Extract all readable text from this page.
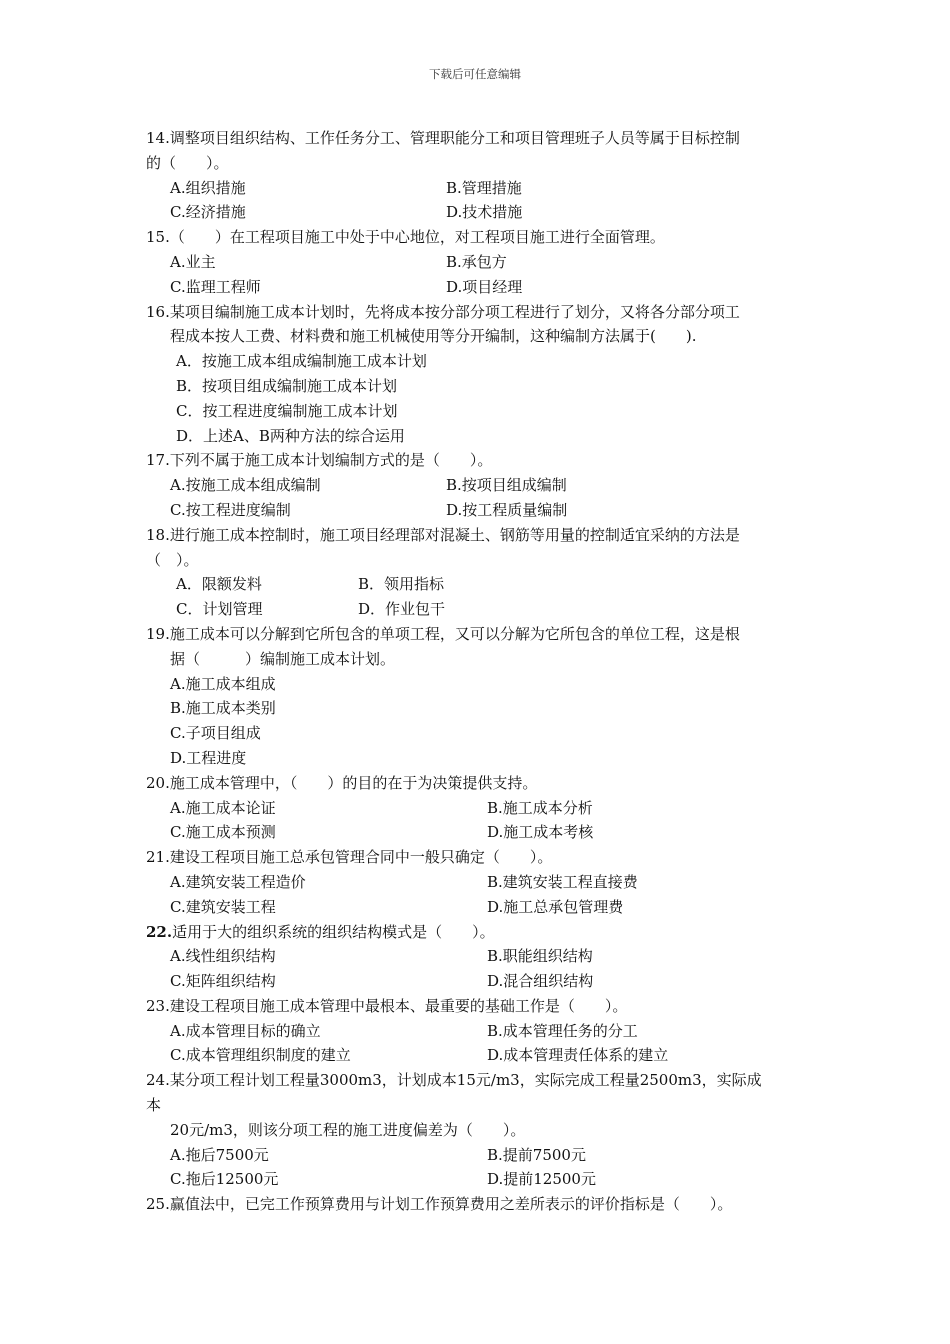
下载后可任意编辑
14.调整项目组织结构、工作任务分工、管理职能分工和项目管理班子人员等属于目标控制
的（　　）。
A.组织措施	B.管理措施
C.经济措施	D.技术措施
15.（　　）在工程项目施工中处于中心地位，对工程项目施工进行全面管理。
A.业主	B.承包方
C.监理工程师	D.项目经理
16.某项目编制施工成本计划时，先将成本按分部分项工程进行了划分，又将各分部分项工
程成本按人工费、材料费和施工机械使用等分开编制，这种编制方法属于(　　).
A．按施工成本组成编制施工成本计划
B．按项目组成编制施工成本计划
C．按工程进度编制施工成本计划
D．上述A、B两种方法的综合运用
17.下列不属于施工成本计划编制方式的是（　　）。
A.按施工成本组成编制	B.按项目组成编制
C.按工程进度编制	D.按工程质量编制
18.进行施工成本控制时，施工项目经理部对混凝土、钢筋等用量的控制适宜采纳的方法是
（　）。
A．限额发料	B．领用指标
C．计划管理	D．作业包干
19.施工成本可以分解到它所包含的单项工程，又可以分解为它所包含的单位工程，这是根
据（　　　）编制施工成本计划。
A.施工成本组成
B.施工成本类别
C.子项目组成
D.工程进度
20.施工成本管理中，（　　）的目的在于为决策提供支持。
A.施工成本论证	B.施工成本分析
C.施工成本预测	D.施工成本考核
21.建设工程项目施工总承包管理合同中一般只确定（　　）。
A.建筑安装工程造价	B.建筑安装工程直接费
C.建筑安装工程	D.施工总承包管理费
22.适用于大的组织系统的组织结构模式是（　　）。
A.线性组织结构	B.职能组织结构
C.矩阵组织结构	D.混合组织结构
23.建设工程项目施工成本管理中最根本、最重要的基础工作是（　　）。
A.成本管理目标的确立	B.成本管理任务的分工
C.成本管理组织制度的建立	D.成本管理责任体系的建立
24.某分项工程计划工程量3000m3，计划成本15元/m3，实际完成工程量2500m3，实际成
本
20元/m3，则该分项工程的施工进度偏差为（　　）。
A.拖后7500元	B.提前7500元
C.拖后12500元	D.提前12500元
25.赢值法中，已完工作预算费用与计划工作预算费用之差所表示的评价指标是（　　）。
